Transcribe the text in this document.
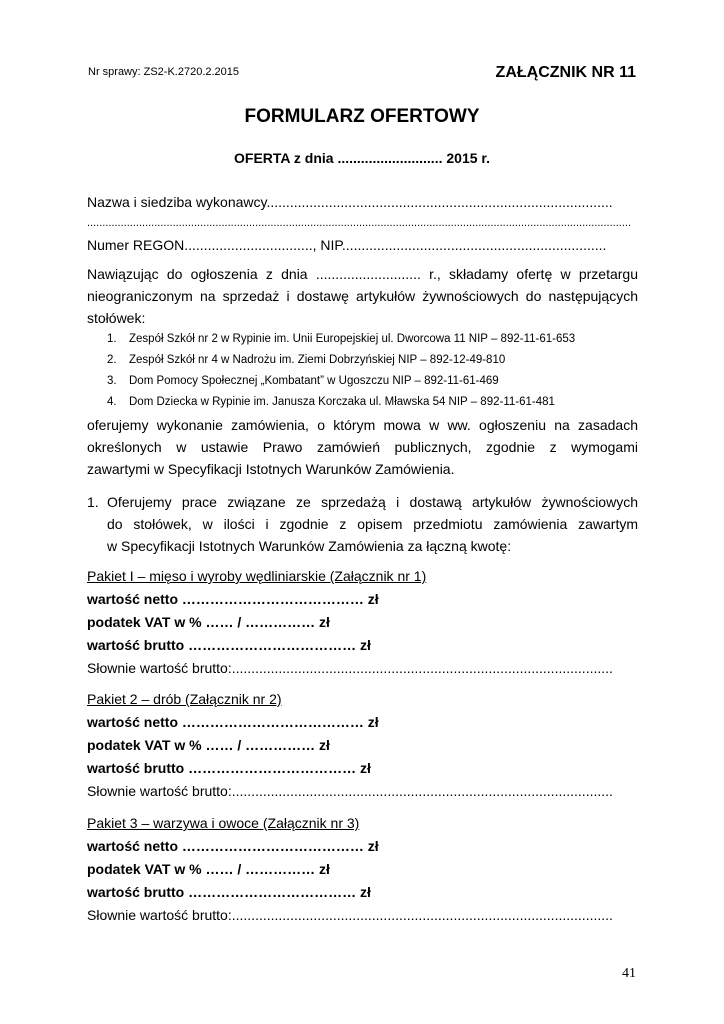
Nr sprawy: ZS2-K.2720.2.2015	ZAŁĄCZNIK NR 11
FORMULARZ OFERTOWY
OFERTA z dnia ........................... 2015 r.
Nazwa i siedziba wykonawcy.........................................................................................
..................................................................................................................................................................................
Numer REGON................................., NIP....................................................................
Nawiązując do ogłoszenia z dnia ........................... r., składamy ofertę w przetargu
nieograniczonym na sprzedaż i dostawę artykułów żywnościowych do następujących
stołówek:
1. Zespół Szkół nr 2 w Rypinie im. Unii Europejskiej ul. Dworcowa 11 NIP – 892-11-61-653
2. Zespół Szkół nr 4 w Nadrożu im. Ziemi Dobrzyńskiej NIP – 892-12-49-810
3. Dom Pomocy Społecznej „Kombatant” w Ugoszczu NIP – 892-11-61-469
4. Dom Dziecka w Rypinie im. Janusza Korczaka ul. Mławska 54 NIP – 892-11-61-481
oferujemy wykonanie zamówienia, o którym mowa w ww. ogłoszeniu na zasadach
określonych w ustawie Prawo zamówień publicznych, zgodnie z wymogami
zawartymi w Specyfikacji Istotnych Warunków Zamówienia.
1. Oferujemy prace związane ze sprzedażą i dostawą artykułów żywnościowych
do stołówek, w ilości i zgodnie z opisem przedmiotu zamówienia zawartym
w Specyfikacji Istotnych Warunków Zamówienia za łączną kwotę:
Pakiet I – mięso i wyroby wędliniarskie (Załącznik nr 1)
wartość netto ………………………………… zł
podatek VAT w % …… / …………… zł
wartość brutto ……………………………… zł
Słownie wartość brutto:..................................................................................................
Pakiet 2 – drób (Załącznik nr 2)
wartość netto ………………………………… zł
podatek VAT w % …… / …………… zł
wartość brutto ……………………………… zł
Słownie wartość brutto:..................................................................................................
Pakiet 3 – warzywa i owoce (Załącznik nr 3)
wartość netto ………………………………… zł
podatek VAT w % …… / …………… zł
wartość brutto ……………………………… zł
Słownie wartość brutto:..................................................................................................
41
